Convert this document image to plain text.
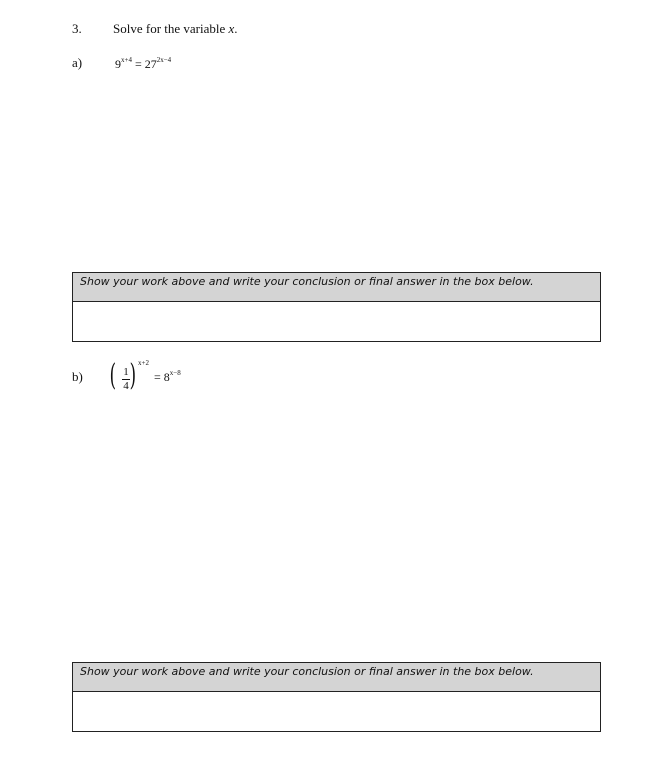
3. Solve for the variable x.
a)	$9^{x+4} = 27^{2x-4}$
Show your work above and write your conclusion or final answer in the box below.
b) ( 1
4 ) x+2
= $8^{x-8}$
Show your work above and write your conclusion or final answer in the box below.
